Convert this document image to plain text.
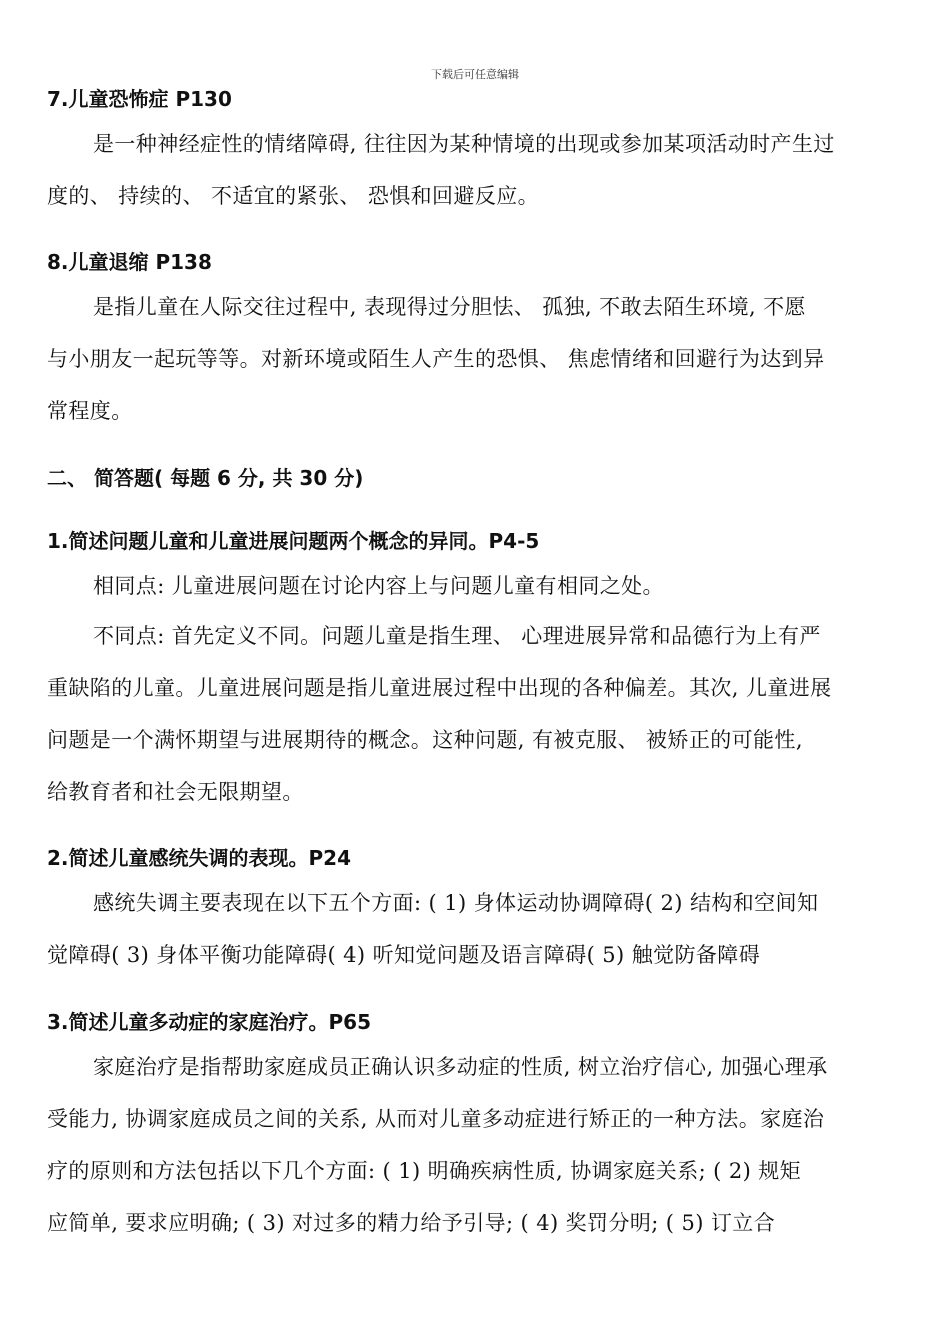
下载后可任意编辑
7.儿童恐怖症 P130
是一种神经症性的情绪障碍, 往往因为某种情境的出现或参加某项活动时产生过
度的、 持续的、 不适宜的紧张、 恐惧和回避反应。
8.儿童退缩 P138
是指儿童在人际交往过程中, 表现得过分胆怯、 孤独, 不敢去陌生环境, 不愿
与小朋友一起玩等等。对新环境或陌生人产生的恐惧、 焦虑情绪和回避行为达到异
常程度。
二、 简答题( 每题 6 分, 共 30 分)
1.简述问题儿童和儿童进展问题两个概念的异同。P4-5
相同点: 儿童进展问题在讨论内容上与问题儿童有相同之处。
不同点: 首先定义不同。问题儿童是指生理、 心理进展异常和品德行为上有严
重缺陷的儿童。儿童进展问题是指儿童进展过程中出现的各种偏差。其次, 儿童进展
问题是一个满怀期望与进展期待的概念。这种问题, 有被克服、 被矫正的可能性,
给教育者和社会无限期望。
2.简述儿童感统失调的表现。P24
感统失调主要表现在以下五个方面: ( 1) 身体运动协调障碍( 2) 结构和空间知
觉障碍( 3) 身体平衡功能障碍( 4) 听知觉问题及语言障碍( 5) 触觉防备障碍
3.简述儿童多动症的家庭治疗。P65
家庭治疗是指帮助家庭成员正确认识多动症的性质, 树立治疗信心, 加强心理承
受能力, 协调家庭成员之间的关系, 从而对儿童多动症进行矫正的一种方法。家庭治
疗的原则和方法包括以下几个方面: ( 1) 明确疾病性质, 协调家庭关系; ( 2) 规矩
应简单, 要求应明确; ( 3) 对过多的精力给予引导; ( 4) 奖罚分明; ( 5) 订立合
